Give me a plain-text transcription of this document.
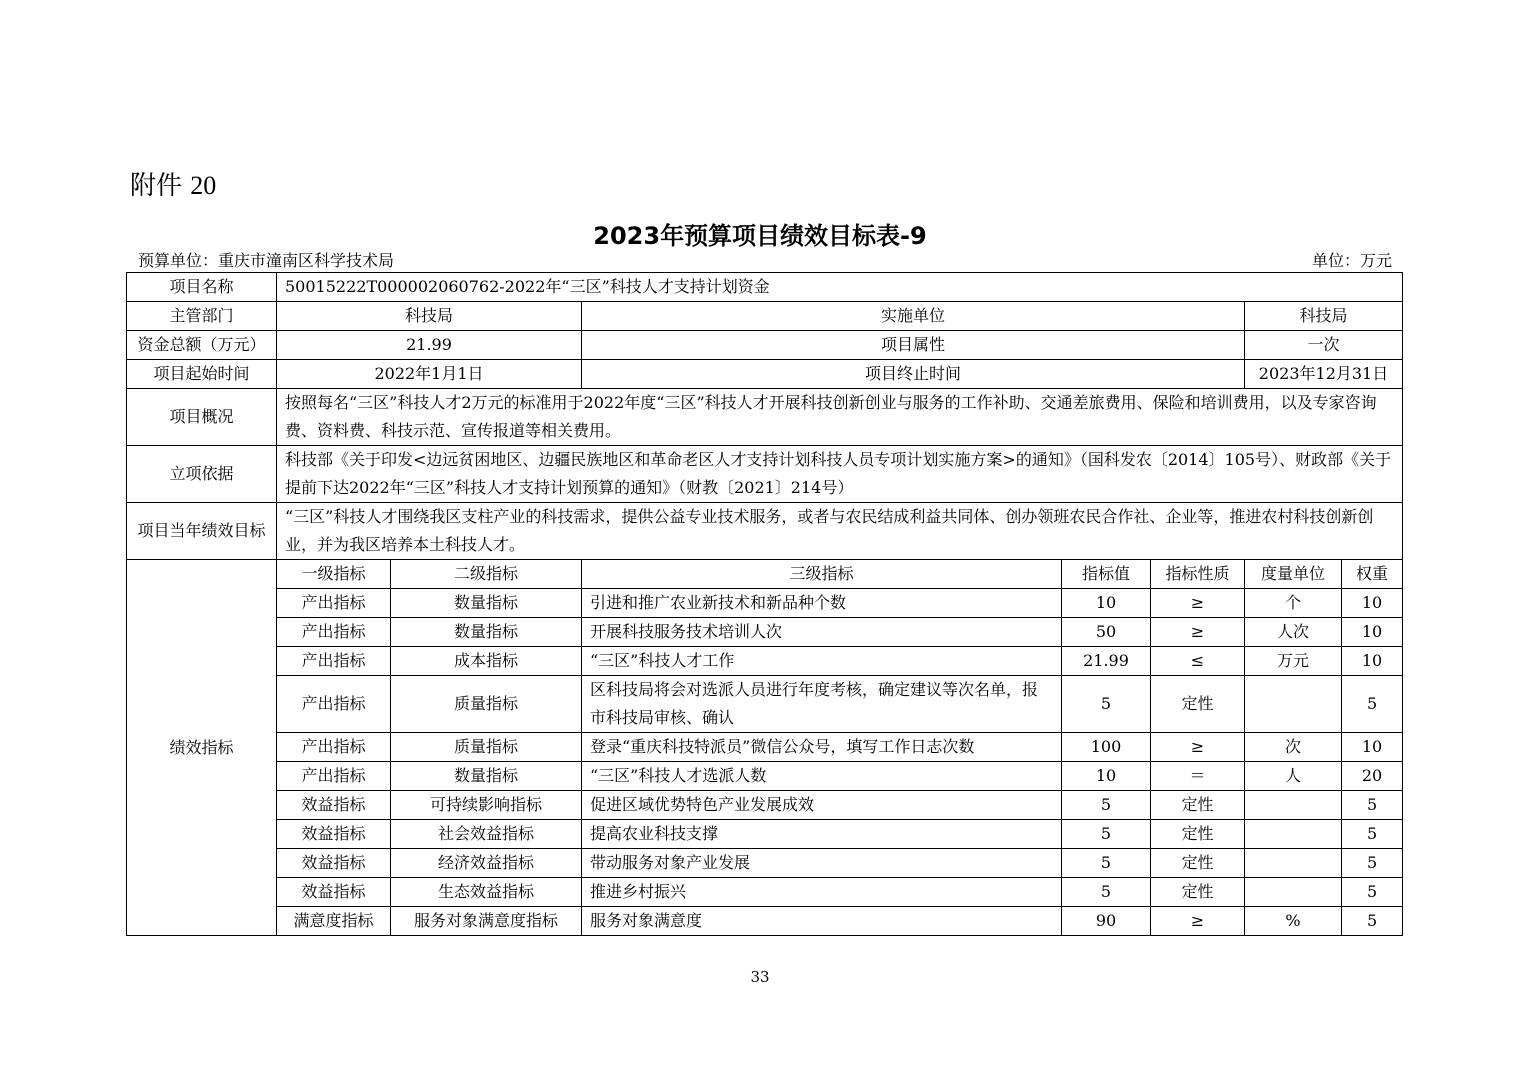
附件 20
2023年预算项目绩效目标表-9
预算单位：重庆市潼南区科学技术局	单位：万元
项目名称	50015222T000002060762-2022年“三区”科技人才支持计划资金						
主管部门	科技局		实施单位			科技局	
资金总额（万元）	21.99		项目属性			一次	
项目起始时间	2022年1月1日		项目终止时间			2023年12月31日	
项目概况	按照每名“三区”科技人才2万元的标准用于2022年度“三区”科技人才开展科技创新创业与服务的工作补助、交通差旅费用、保险和培训费用，以及专家咨询费、资料费、科技示范、宣传报道等相关费用。						
立项依据	科技部《关于印发<边远贫困地区、边疆民族地区和革命老区人才支持计划科技人员专项计划实施方案>的通知》（国科发农〔2014〕105号）、财政部《关于提前下达2022年“三区”科技人才支持计划预算的通知》（财教〔2021〕214号）						
项目当年绩效目标	“三区”科技人才围绕我区支柱产业的科技需求，提供公益专业技术服务，或者与农民结成利益共同体、创办领班农民合作社、企业等，推进农村科技创新创业，并为我区培养本土科技人才。						
绩效指标	一级指标	二级指标	三级指标	指标值	指标性质	度量单位	权重
	产出指标	数量指标	引进和推广农业新技术和新品种个数	10	≥	个	10
	产出指标	数量指标	开展科技服务技术培训人次	50	≥	人次	10
	产出指标	成本指标	“三区”科技人才工作	21.99	≤	万元	10
	产出指标	质量指标	区科技局将会对选派人员进行年度考核，确定建议等次名单，报市科技局审核、确认	5	定性		5
	产出指标	质量指标	登录“重庆科技特派员”微信公众号，填写工作日志次数	100	≥	次	10
	产出指标	数量指标	“三区”科技人才选派人数	10	＝	人	20
	效益指标	可持续影响指标	促进区域优势特色产业发展成效	5	定性		5
	效益指标	社会效益指标	提高农业科技支撑	5	定性		5
	效益指标	经济效益指标	带动服务对象产业发展	5	定性		5
	效益指标	生态效益指标	推进乡村振兴	5	定性		5
	满意度指标	服务对象满意度指标	服务对象满意度	90	≥	%	5
33
